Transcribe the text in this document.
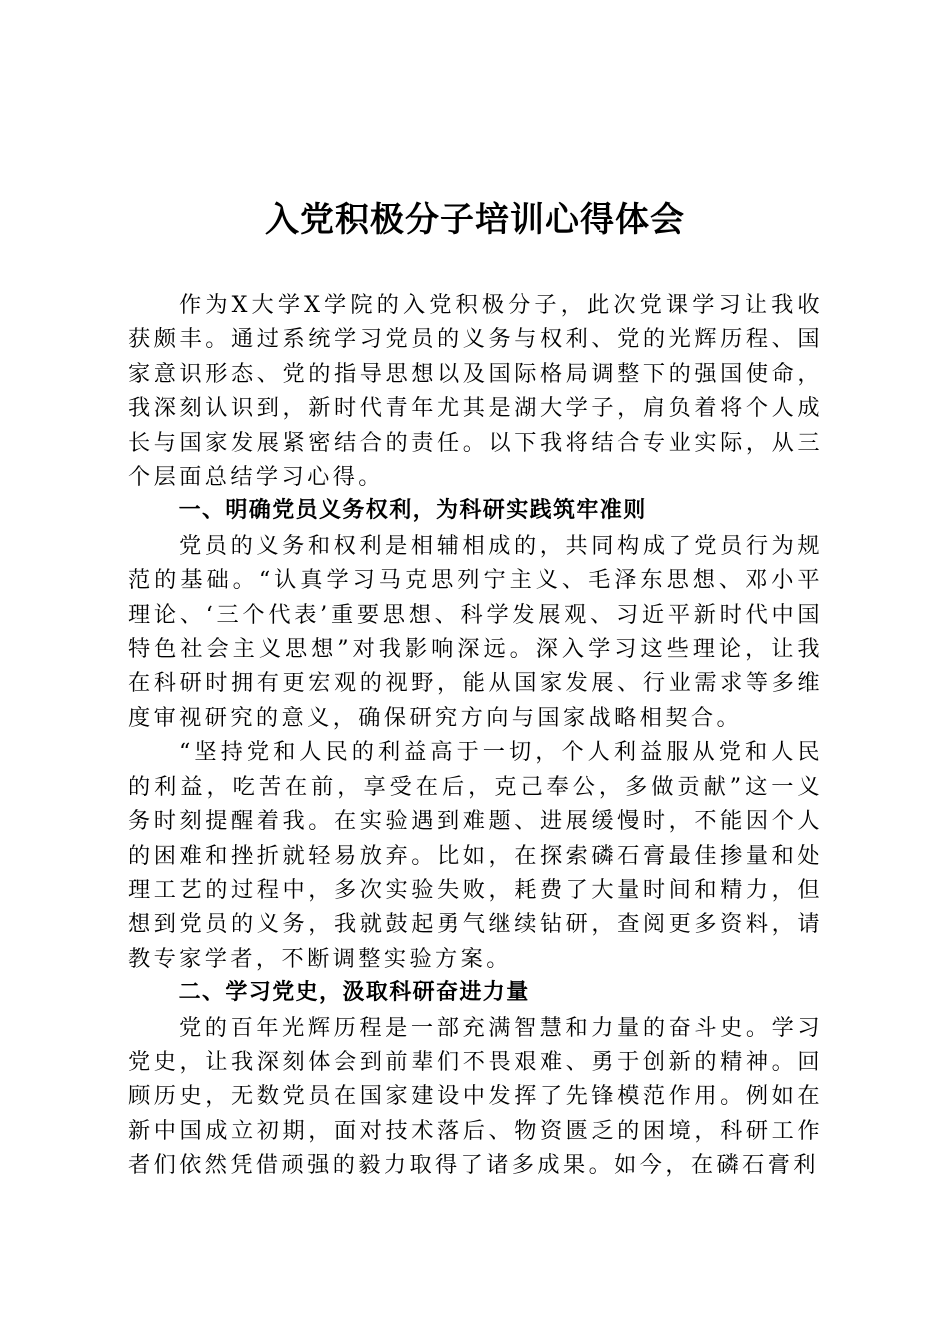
入党积极分子培训心得体会

作为X大学X学院的入党积极分子，此次党课学习让我收获颇丰。通过系统学习党员的义务与权利、党的光辉历程、国家意识形态、党的指导思想以及国际格局调整下的强国使命，我深刻认识到，新时代青年尤其是湖大学子，肩负着将个人成长与国家发展紧密结合的责任。以下我将结合专业实际，从三个层面总结学习心得。

一、明确党员义务权利，为科研实践筑牢准则

党员的义务和权利是相辅相成的，共同构成了党员行为规范的基础。“认真学习马克思列宁主义、毛泽东思想、邓小平理论、‘三个代表’重要思想、科学发展观、习近平新时代中国特色社会主义思想”对我影响深远。深入学习这些理论，让我在科研时拥有更宏观的视野，能从国家发展、行业需求等多维度审视研究的意义，确保研究方向与国家战略相契合。

“坚持党和人民的利益高于一切，个人利益服从党和人民的利益，吃苦在前，享受在后，克己奉公，多做贡献”这一义务时刻提醒着我。在实验遇到难题、进展缓慢时，不能因个人的困难和挫折就轻易放弃。比如，在探索磷石膏最佳掺量和处理工艺的过程中，多次实验失败，耗费了大量时间和精力，但想到党员的义务，我就鼓起勇气继续钻研，查阅更多资料，请教专家学者，不断调整实验方案。

二、学习党史，汲取科研奋进力量

党的百年光辉历程是一部充满智慧和力量的奋斗史。学习党史，让我深刻体会到前辈们不畏艰难、勇于创新的精神。回顾历史，无数党员在国家建设中发挥了先锋模范作用。例如在新中国成立初期，面对技术落后、物资匮乏的困境，科研工作者们依然凭借顽强的毅力取得了诸多成果。如今，在磷石膏利
